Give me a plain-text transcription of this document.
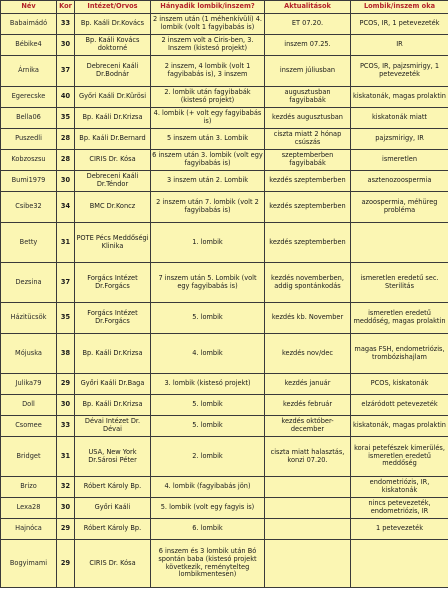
Név	Kor	Intézet/Orvos	Hányadik lombik/inszem?	Aktualitások	Lombik/inszem oka
Babaimádó	33	Bp. Kaáli Dr.Kovács	2 inszem után (1 méhenkívüli) 4. lombik (volt 1 fagyibabás is)	ET 07.20.	PCOS, IR, 1 petevezeték
Bébike4	30	Bp. Kaáli Kovács doktorné	2 inszem volt a Ciris-ben, 3. Inszem (kistesó projekt)	inszem 07.25.	IR
Árnika	37	Debreceni Kaáli Dr.Bodnár	2 inszem, 4 lombik (volt 1 fagyibabás is), 3 inszem	inszem júliusban	PCOS, IR, pajzsmirigy, 1 petevezeték
Egerecske	40	Győri Kaáli Dr.Kürösi	2. lombik után fagyibabák (kistesó projekt)	augusztusban fagyibabák	kiskatonák, magas prolaktin
Bella06	35	Bp. Kaáli Dr.Krizsa	4. lombik (+ volt egy fagyibabás is)	kezdés augusztusban	kiskatonák miatt
Puszedli	28	Bp. Kaáli Dr.Bernard	5 inszem után 3. Lombik	ciszta miatt 2 hónap csúszás	pajzsmirigy, IR
Kobzoszsu	28	CIRIS Dr. Kósa	6 inszem után 3. lombik (volt egy fagyibabás is)	szeptemberben fagyibabák	ismeretlen
Bumi1979	30	Debreceni Kaáli Dr.Téndor	3 inszem után 2. Lombik	kezdés szeptemberben	asztenozoospermia
Csibe32	34	BMC Dr.Koncz	2 inszem után 7. lombik (volt 2 fagyibabás is)	kezdés szeptemberben	azoospermia, méhüreg probléma
Betty	31	POTE Pécs Meddőségi Klinika	1. lombik	kezdés szeptemberben	
Dezsina	37	Forgács Intézet Dr.Forgács	7 inszem után 5. Lombik (volt egy fagyibabás is)	kezdés novemberben, addig spontánkodás	ismeretlen eredetű sec. Sterilitás
Házitücsök	35	Forgács Intézet Dr.Forgács	5. lombik	kezdés kb. November	ismeretlen eredetű meddőség, magas prolaktin
Mójuska	38	Bp. Kaáli Dr.Krizsa	4. lombik	kezdés nov/dec	magas FSH, endometriózis, trombózishajlam
Julika79	29	Győri Kaáli Dr.Baga	3. lombik (kistesó projekt)	kezdés január	PCOS, kiskatonák
Doll	30	Bp. Kaáli Dr.Krizsa	5. lombik	kezdés február	elzáródott petevezeték
Csomee	33	Dévai Intézet Dr. Dévai	5. lombik	kezdés október-december	kiskatonák, magas prolaktin
Bridget	31	USA, New York Dr.Sárosi Péter	2. lombik	ciszta miatt halasztás, konzi 07.20.	korai petefészek kimerülés, ismeretlen eredetű meddőség
Brizo	32	Róbert Károly Bp.	4. lombik (fagyibabás jön)		endometriózis, IR, kiskatonák
Lexa28	30	Győri Kaáli	5. lombik (volt egy fagyis is)		nincs petevezeték, endometriózis, IR
Hajnóca	29	Róbert Károly Bp.	6. lombik		1 petevezeték
Bogyimami	29	CIRIS Dr. Kósa	6 inszem és 3 lombik után Bó spontán baba (kistesó projekt következik, reménytelteg lombikmentesen)		
